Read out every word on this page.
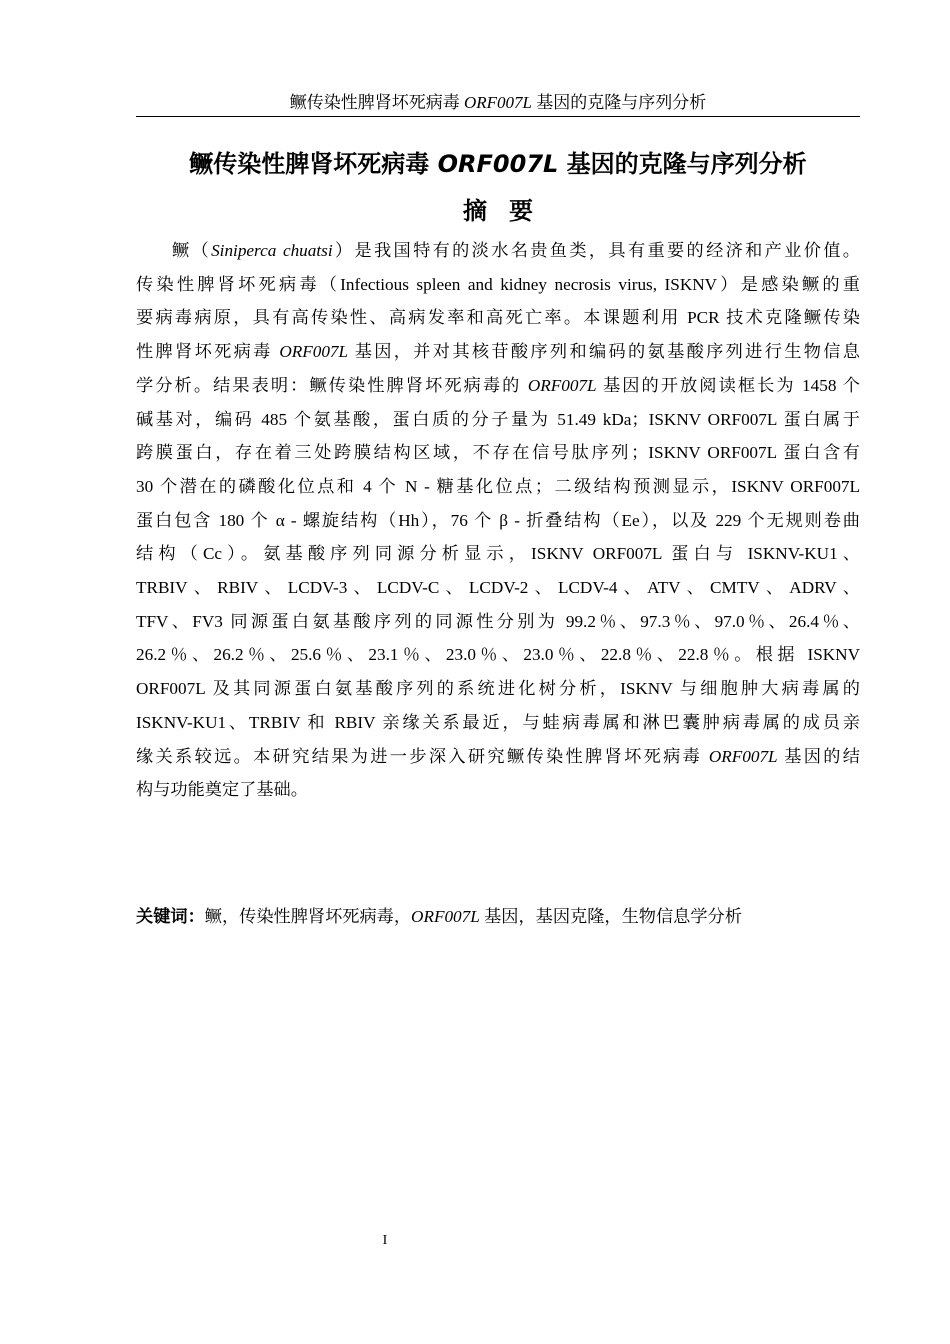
鳜传染性脾肾坏死病毒 ORF007L 基因的克隆与序列分析
鳜传染性脾肾坏死病毒 ORF007L 基因的克隆与序列分析
摘要
鳜（Siniperca chuatsi）是我国特有的淡水名贵鱼类，具有重要的经济和产业价值。
传染性脾肾坏死病毒（Infectious spleen and kidney necrosis virus, ISKNV）是感染鳜的重
要病毒病原，具有高传染性、高病发率和高死亡率。本课题利用 PCR 技术克隆鳜传染
性脾肾坏死病毒 ORF007L 基因，并对其核苷酸序列和编码的氨基酸序列进行生物信息
学分析。结果表明：鳜传染性脾肾坏死病毒的 ORF007L 基因的开放阅读框长为 1458 个
碱基对，编码 485 个氨基酸，蛋白质的分子量为 51.49 kDa；ISKNV ORF007L 蛋白属于
跨膜蛋白，存在着三处跨膜结构区域，不存在信号肽序列；ISKNV ORF007L 蛋白含有
30 个潜在的磷酸化位点和 4 个 N - 糖基化位点；二级结构预测显示，ISKNV ORF007L
蛋白包含 180 个 α - 螺旋结构（Hh），76 个 β - 折叠结构（Ee），以及 229 个无规则卷曲
结构（Cc）。氨基酸序列同源分析显示，ISKNV ORF007L 蛋白与 ISKNV-KU1、
TRBIV、RBIV、LCDV-3、LCDV-C、LCDV-2、LCDV-4、ATV、CMTV、ADRV、
TFV、FV3 同源蛋白氨基酸序列的同源性分别为 99.2％、97.3％、97.0％、26.4％、
26.2％、26.2％、25.6％、23.1％、23.0％、23.0％、22.8％、22.8％。根据 ISKNV
ORF007L 及其同源蛋白氨基酸序列的系统进化树分析，ISKNV 与细胞肿大病毒属的
ISKNV-KU1、TRBIV 和 RBIV 亲缘关系最近，与蛙病毒属和淋巴囊肿病毒属的成员亲
缘关系较远。本研究结果为进一步深入研究鳜传染性脾肾坏死病毒 ORF007L 基因的结
构与功能奠定了基础。
关键词：鳜，传染性脾肾坏死病毒，ORF007L 基因，基因克隆，生物信息学分析
I
